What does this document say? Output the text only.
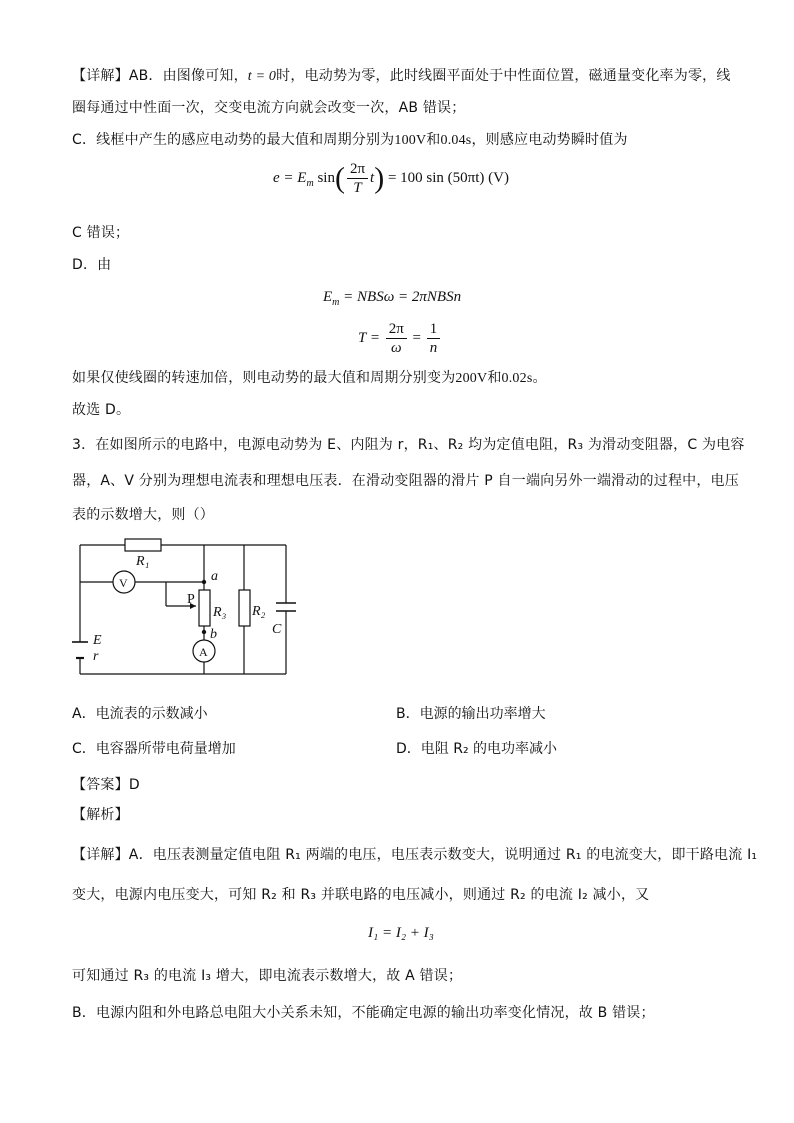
【详解】AB．由图像可知，t = 0时，电动势为零，此时线圈平面处于中性面位置，磁通量变化率为零，线
圈每通过中性面一次，交变电流方向就会改变一次，AB 错误；
C．线框中产生的感应电动势的最大值和周期分别为100V和0.04s，则感应电动势瞬时值为
$e = E_m$ $\sin( \frac{2\pi}{T} t) = 100$ sin (50πt) (V)
C 错误；
D．由
$E_m = NBS\omega$ = 2πNBSn
$T = \frac{2\pi}{\omega} = \frac{1}{n}$
如果仅使线圈的转速加倍，则电动势的最大值和周期分别变为200V和0.02s。
故选 D。
3．在如图所示的电路中，电源电动势为 E、内阻为 r，R₁、R₂ 均为定值电阻，R₃ 为滑动变阻器，C 为电容
器，A、V 分别为理想电流表和理想电压表．在滑动变阻器的滑片 P 自一端向另外一端滑动的过程中，电压
表的示数增大，则（）
R₁
V
A
a
b
P
R₃ R₂
C
E
r
A．电流表的示数减小	B．电源的输出功率增大
C．电容器所带电荷量增加	D．电阻 R₂ 的电功率减小
【答案】D
【解析】
【详解】A．电压表测量定值电阻 R₁ 两端的电压，电压表示数变大，说明通过 R₁ 的电流变大，即干路电流 I₁
变大，电源内电压变大，可知 R₂ 和 R₃ 并联电路的电压减小，则通过 R₂ 的电流 I₂ 减小，又
I₁ = I₂ + I₃
可知通过 R₃ 的电流 I₃ 增大，即电流表示数增大，故 A 错误；
B．电源内阻和外电路总电阻大小关系未知，不能确定电源的输出功率变化情况，故 B 错误；
